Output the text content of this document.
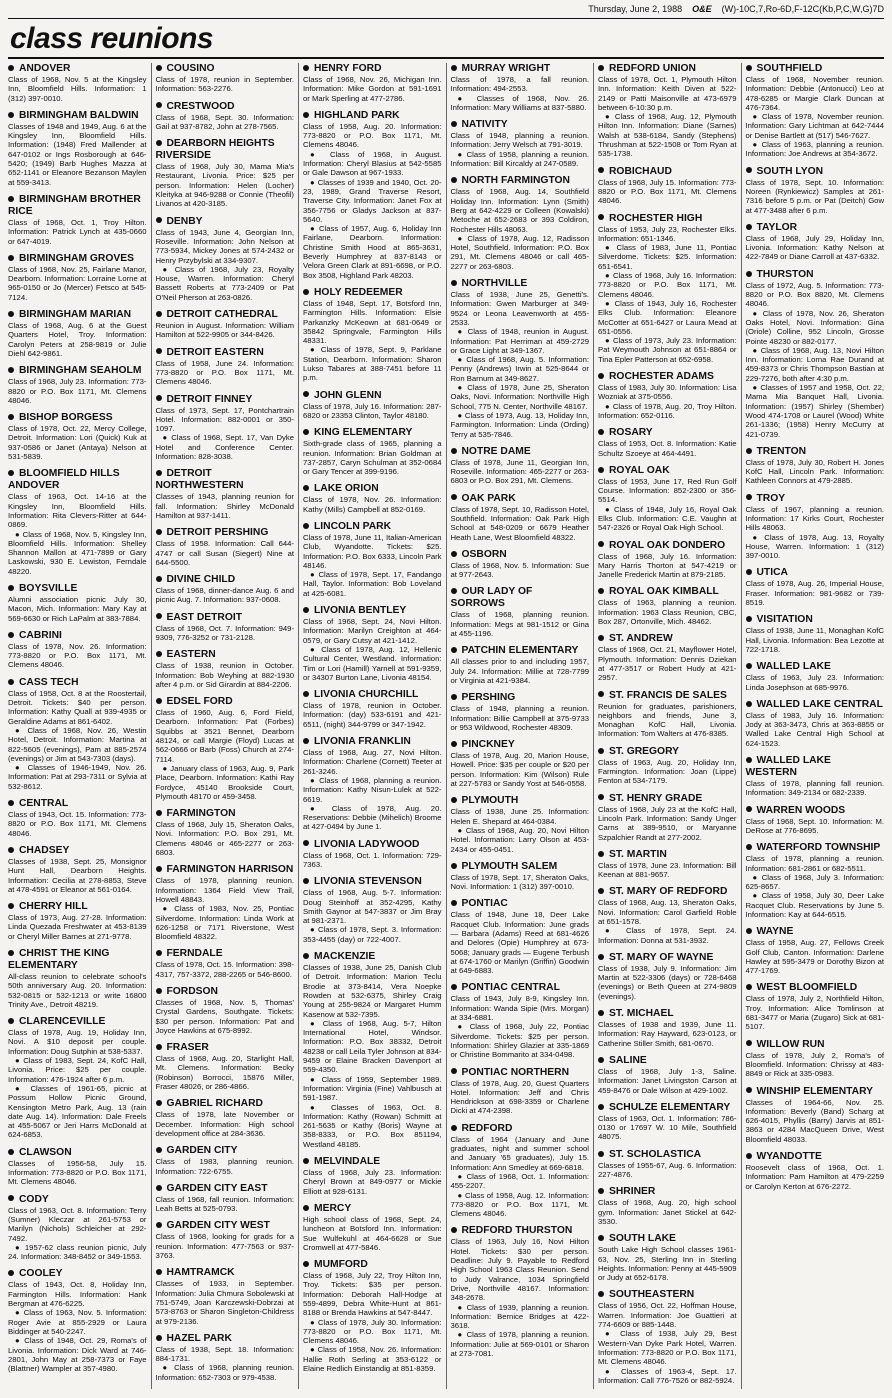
Thursday, June 2, 1988 O&E (W)-10C,7,Ro-6D,F-12C(Kb,P,C,W,G)7D
class reunions
ANDOVER

Class of 1968, Nov. 5 at the Kingsley Inn, Bloomfield Hills. Information: 1 (312) 397-0010.

BIRMINGHAM BALDWIN

Classes of 1948 and 1949, Aug. 6 at the Kingsley Inn, Bloomfield Hills. Information: (1948) Fred Mallender at 647-0102 or Ings Rosborough at 646-5420; (1949) Barb Hughes Mazza at 652-1141 or Eleanore Bezanson Maylen at 559-3413.

BIRMINGHAM BROTHER RICE

Class of 1968, Oct. 1, Troy Hilton. Information: Patrick Lynch at 435-0660 or 647-4019.

BIRMINGHAM GROVES

Class of 1968, Nov. 25, Fairlane Manor, Dearborn. Information: Lorraine Lorne at 965-0150 or Jo (Mercer) Fetsco at 545-7124.

BIRMINGHAM MARIAN

Class of 1968, Aug. 6 at the Guest Quarters Hotel, Troy. Information: Carolyn Peters at 258-9819 or Julie Diehl 642-9861.

BIRMINGHAM SEAHOLM

Class of 1968, July 23. Information: 773-8820 or P.O. Box 1171, Mt. Clemens 48046.

BISHOP BORGESS

Class of 1978, Oct. 22, Mercy College, Detroit. Information: Lori (Quick) Kuk at 937-0586 or Janet (Antaya) Nelson at 531-5839.

BLOOMFIELD HILLS ANDOVER

Class of 1963, Oct. 14-16 at the Kingsley Inn, Bloomfield Hills. Information: Rita Clevers-Ritter at 644-0869.

● Class of 1968, Nov. 5, Kingsley Inn, Bloomfield Hills. Information: Shelley Shannon Mallon at 471-7899 or Gary Laskowski, 930 E. Lewiston, Ferndale 48220.

BOYSVILLE

Alumni association picnic July 30, Macon, Mich. Information: Mary Kay at 569-6630 or Rich LaPalm at 383-7884.

CABRINI

Class of 1978, Nov. 26. Information: 773-8820 or P.O. Box 1171, Mt. Clemens 48046.

CASS TECH

Class of 1958, Oct. 8 at the Roostertail, Detroit. Tickets: $40 per person. Information: Kathy Quall at 939-4935 or Geraldine Adams at 861-6402.

● Class of 1968, Nov. 26, Westin Hotel, Detroit. Information: Martina at 822-5605 (evenings), Pam at 885-2574 (evenings) or Jim at 543-7303 (days).

● Classes of 1946-1949, Nov. 26. Information: Pat at 293-7311 or Sylvia at 532-8612.

CENTRAL

Class of 1943, Oct. 15. Information: 773-8820 or P.O. Box 1171, Mt. Clemens 48046.

CHADSEY

Classes of 1938, Sept. 25, Monsignor Hunt Hall, Dearborn Heights. Information: Cecilia at 278-8853, Steve at 478-4591 or Eleanor at 561-0164.

CHERRY HILL

Class of 1973, Aug. 27-28. Information: Linda Quezada Freshwater at 453-8139 or Cheryl Miller Barnes at 271-9778.

CHRIST THE KING ELEMENTARY

All-class reunion to celebrate school's 50th anniversary Aug. 20. Information: 532-0815 or 532-1213 or write 16800 Trinity Ave., Detroit 48219.

CLARENCEVILLE

Class of 1978, Aug. 19, Holiday Inn, Novi. A $10 deposit per couple. Information: Doug Sutphin at 538-5337.

● Class of 1983, Sept. 24, KofC Hall, Livonia. Price: $25 per couple. Information: 476-1924 after 6 p.m.

● Classes of 1961-65, picnic at Possum Hollow Picnic Ground, Kensington Metro Park, Aug. 13 (rain date Aug. 14). Information: Dale Freels at 455-5067 or Jeri Harrs McDonald at 624-6853.

CLAWSON

Classes of 1956-58, July 15. Information: 773-8820 or P.O. Box 1171, Mt. Clemens 48046.

CODY

Class of 1963, Oct. 8. Information: Terry (Sumner) Kleczar at 261-5753 or Marilyn (Nichols) Schleicher at 292-7492.

● 1957-62 class reunion picnic, July 24. Information: 348-8452 or 349-1553.

COOLEY

Class of 1943, Oct. 8, Holiday Inn, Farmington Hills. Information: Hank Bergman at 476-6225.

● Class of 1963, Nov. 5. Information: Roger Avie at 855-2929 or Laura Biddinger at 540-2247.

● Class of 1948, Oct. 29, Roma's of Livonia. Information: Dick Ward at 746-2801, John May at 258-7373 or Faye (Blattner) Wampler at 357-4980.

COUSINO

Class of 1978, reunion in September. Information: 563-2276.

CRESTWOOD

Class of 1968, Sept. 30. Information: Gail at 937-8782, John at 278-7565.

DEARBORN HEIGHTS RIVERSIDE

Class of 1968, July 30, Mama Mia's Restaurant, Livonia. Price: $25 per person. Information: Helen (Locher) Kleityka at 946-9288 or Connie (Theofil) Livanos at 420-3185.

DENBY

Class of 1943, June 4, Georgian Inn, Roseville. Information: John Nelson at 773-5934, Mickey Jones at 574-2432 or Henry Przybylski at 334-9307.

● Class of 1968, July 23, Royalty House, Warren. Information: Cheryl Bassett Roberts at 773-2409 or Pat O'Neil Pherson at 263-0826.

DETROIT CATHEDRAL

Reunion in August. Information: William Hamilton at 522-9905 or 344-8426.

DETROIT EASTERN

Class of 1958, June 24. Information: 773-8820 or P.O. Box 1171, Mt. Clemens 48046.

DETROIT FINNEY

Class of 1973, Sept. 17, Pontchartrain Hotel. Information: 882-0001 or 350-1097.

● Class of 1968, Sept. 17, Van Dyke Hotel and Conference Center. Information: 828-3038.

DETROIT NORTHWESTERN

Classes of 1943, planning reunion for fall. Information: Shirley McDonald Hamilton at 937-1411.

DETROIT PERSHING

Class of 1958. Information: Call 644-4747 or call Susan (Siegert) Nine at 644-5500.

DIVINE CHILD

Class of 1968, dinner-dance Aug. 6 and picnic Aug. 7. Information: 937-0608.

EAST DETROIT

Class of 1968, Oct. 7. Information: 949-9309, 776-3252 or 731-2128.

EASTERN

Class of 1938, reunion in October. Information: Bob Weyhing at 882-1930 after 4 p.m. or Sid Girardin at 884-2206.

EDSEL FORD

Class of 1960, Aug. 6, Ford Field, Dearborn. Information: Pat (Forbes) Squibbs at 3521 Bennet, Dearborn 48124, or call Margie (Floyd) Lucas at 562-0666 or Barb (Foss) Church at 274-7114.

● January class of 1963, Aug. 9, Park Place, Dearborn. Information: Kathi Ray Fordyce, 45140 Brookside Court, Plymouth 48170 or 459-3458.

FARMINGTON

Class of 1968, July 15, Sheraton Oaks, Novi. Information: P.O. Box 291, Mt. Clemens 48046 or 465-2277 or 263-6803.

FARMINGTON HARRISON

Class of 1978, planning reunion. Information: 1364 Field View Trail, Howell 48843.

● Class of 1983, Nov. 25, Pontiac Silverdome. Information: Linda Work at 626-1258 or 7171 Riverstone, West Bloomfield 48322.

FERNDALE

Class of 1978, Oct. 15. Information: 398-4317, 757-3372, 288-2265 or 546-8600.

FORDSON

Classes of 1968, Nov. 5, Thomas' Crystal Gardens, Southgate. Tickets: $30 per person. Information: Pat and Joyce Hawkins at 675-8992.

FRASER

Class of 1968, Aug. 20, Starlight Hall, Mt. Clemens. Information: Becky (Robinson) Borrocci, 15876 Miller, Fraser 48026, or 286-4866.

GABRIEL RICHARD

Class of 1978, late November or December. Information: High school development office at 284-3636.

GARDEN CITY

Class of 1983, planning reunion. Information: 722-6755.

GARDEN CITY EAST

Class of 1968, fall reunion. Information: Leah Betts at 525-0793.

GARDEN CITY WEST

Class of 1968, looking for grads for a reunion. Information: 477-7563 or 937-3763.

HAMTRAMCK

Classes of 1933, in September. Information: Julia Chmura Sobolewski at 751-5749, Joan Karczewski-Dobrzai at 573-8763 or Sharon Singleton-Childress at 979-2136.

HAZEL PARK

Class of 1938, Sept. 18. Information: 884-1731.

● Class of 1968, planning reunion. Information: 652-7303 or 979-4538.

HENRY FORD

Class of 1968, Nov. 26, Michigan Inn. Information: Mike Gordon at 591-1691 or Mark Sperling at 477-2786.

HIGHLAND PARK

Class of 1958, Aug. 20. Information: 773-8820 or P.O. Box 1171, Mt. Clemens 48046.

● Class of 1968, in August. Information: Cheryl Blasius at 542-5585 or Gale Dawson at 967-1933.

● Classes of 1939 and 1940, Oct. 20-23, 1989, Grand Traverse Resort, Traverse City. Information: Janet Fox at 356-7756 or Gladys Jackson at 837-5640.

● Class of 1957, Aug. 6, Holiday Inn Fairlane, Dearborn. Information: Christine Smith Hood at 865-3631, Beverly Humphrey at 837-8143 or Velora Green Clark at 891-6698, or P.O. Box 3508, Highland Park 48203.

HOLY REDEEMER

Class of 1948, Sept. 17, Botsford Inn, Farmington Hills. Information: Elsie Parkanzky McKeown at 681-0649 or 35842 Springvale, Farmington Hills 48331.

● Class of 1978, Sept. 9, Parklane Station, Dearborn. Information: Sharon Lukso Tabares at 388-7451 before 11 p.m.

JOHN GLENN

Class of 1978, July 16. Information: 287-6820 or 23353 Clinton, Taylor 48180.

KING ELEMENTARY

Sixth-grade class of 1965, planning a reunion. Information: Brian Goldman at 737-2857, Caryn Schulman at 352-0684 or Gary Tencer at 399-9196.

LAKE ORION

Class of 1978, Nov. 26. Information: Kathy (Mills) Campbell at 852-0169.

LINCOLN PARK

Class of 1978, June 11, Italian-American Club, Wyandotte. Tickets: $25. Information: P.O. Box 6333, Lincoln Park 48146.

● Class of 1978, Sept. 17, Fandango Hall, Taylor. Information: Bob Loveland at 425-6081.

LIVONIA BENTLEY

Class of 1968, Sept. 24, Novi Hilton. Information: Marilyn Creighton at 464-0579, or Gary Cutsy at 421-1412.

● Class of 1978, Aug. 12, Hellenic Cultural Center, Westland. Information: Tim or Lori (Hamill) Yarnell at 591-9359, or 34307 Burton Lane, Livonia 48154.

LIVONIA CHURCHILL

Class of 1978, reunion in October. Information: (day) 533-6191 and 421-6511, (night) 344-9799 or 347-1942.

LIVONIA FRANKLIN

Class of 1968, Aug. 27, Novi Hilton. Information: Charlene (Cornett) Teeter at 261-3246.

● Class of 1968, planning a reunion. Information: Kathy Nisun-Lulek at 522-6619.

● Class of 1978, Aug. 20. Reservations: Debbie (Mihelich) Broome at 427-0494 by June 1.

LIVONIA LADYWOOD

Class of 1968, Oct. 1. Information: 729-7363.

LIVONIA STEVENSON

Class of 1968, Aug. 5-7. Information: Doug Steinhoff at 352-4295, Kathy Smith Gaynor at 547-3837 or Jim Bray at 981-2371.

● Class of 1978, Sept. 3. Information: 353-4455 (day) or 722-4007.

MACKENZIE

Classes of 1938, June 25, Danish Club of Detroit. Information: Marion Teclu Brodie at 373-8414, Vera Noepke Rowden at 532-6375, Shirley Craig Young at 255-9824 or Margaret Humm Kasenow at 532-7395.

● Class of 1968, Aug. 5-7, Hilton International Hotel, Windsor. Information: P.O. Box 38332, Detroit 48238 or call Leila Tyler Johnson at 834-9459 or Elaine Bracken Davenport at 559-4350.

● Class of 1959, September 1989. Information: Virginia (Fine) Vahlbusch at 591-1987.

● Classes of 1963, Oct. 8. Information: Kathy (Rowan) Schmitt at 261-5635 or Kathy (Boris) Wayne at 358-8333, or P.O. Box 851194, Westland 48185.

MELVINDALE

Class of 1968, July 23. Information: Cheryl Brown at 849-0977 or Mickie Elliott at 928-6131.

MERCY

High school class of 1968, Sept. 24, luncheon at Botsford Inn. Information: Sue Wulfekuhl at 464-6628 or Sue Cromwell at 477-5846.

MUMFORD

Class of 1968, July 22, Troy Hilton Inn, Troy. Tickets: $35 per person. Information: Deborah Hall-Hodge at 559-4899, Debra White-Hunt at 861-8188 or Brenda Hawkins at 547-8447.

● Class of 1978, July 30. Information: 773-8820 or P.O. Box 1171, Mt. Clemens 48046.

● Class of 1958, Nov. 26. Information: Hallie Roth Serling at 353-6122 or Elaine Redlich Einstandig at 851-8359.

MURRAY WRIGHT

Class of 1978, a fall reunion. Information: 494-2553.

● Classes of 1968, Nov. 26. Information: Mary Williams at 837-5880.

NATIVITY

Class of 1948, planning a reunion. Information: Jerry Welsch at 791-3019.

● Class of 1958, planning a reunion. Information: Bill Kircaldy at 247-0589.

NORTH FARMINGTON

Class of 1968, Aug. 14, Southfield Holiday Inn. Information: Lynn (Smith) Berg at 642-4229 or Colleen (Kowalski) Metoche at 652-2683 or 393 Coldiron, Rochester Hills 48063.

● Class of 1978, Aug. 12, Radisson Hotel, Southfield. Information: P.O. Box 291, Mt. Clemens 48046 or call 465-2277 or 263-6803.

NORTHVILLE

Class of 1938, June 25, Genetti's. Information: Gwen Marburger at 349-9524 or Leona Leavenworth at 455-2533.

● Class of 1948, reunion in August. Information: Pat Herriman at 459-2729 or Grace Light at 349-1367.

● Class of 1968, Aug. 5. Information: Penny (Andrews) Irwin at 525-8644 or Ron Barnum at 349-8627.

● Class of 1978, June 25, Sheraton Oaks, Novi. Information: Northville High School, 775 N. Center, Northville 48167.

● Class of 1973, Aug. 13, Holiday Inn, Farmington. Information: Linda (Ording) Terry at 535-7846.

NOTRE DAME

Class of 1978, June 11, Georgian Inn, Roseville. Information: 465-2277 or 263-6803 or P.O. Box 291, Mt. Clemens.

OAK PARK

Class of 1978, Sept. 10, Radisson Hotel, Southfield. Information: Oak Park High School at 548-0209 or 6679 Heather Heath Lane, West Bloomfield 48322.

OSBORN

Class of 1968, Nov. 5. Information: Sue at 977-2643.

OUR LADY OF SORROWS

Class of 1968, planning reunion. Information: Megs at 981-1512 or Gina at 455-1196.

PATCHIN ELEMENTARY

All classes prior to and including 1957, July 24. Information: Millie at 728-7799 or Virginia at 421-9384.

PERSHING

Class of 1948, planning a reunion. Information: Billie Campbell at 375-9733 or 953 Wildwood, Rochester 48309.

PINCKNEY

Class of 1978, Aug. 20, Marion House, Howell. Price: $35 per couple or $20 per person. Information: Kim (Wilson) Rule at 227-5783 or Sandy Yost at 546-0558.

PLYMOUTH

Class of 1938, June 25. Information: Helen E. Shepard at 464-0384.

● Class of 1968, Aug. 20, Novi Hilton Hotel. Information: Larry Olson at 453-2434 or 455-0451.

PLYMOUTH SALEM

Class of 1978, Sept. 17, Sheraton Oaks, Novi. Information: 1 (312) 397-0010.

PONTIAC

Class of 1948, June 18, Deer Lake Racquet Club. Information: June grads — Barbara (Adams) Reed at 681-4626 and Delores (Opie) Humphrey at 673-5068; January grads — Eugene Terbush at 674-1760 or Marilyn (Griffin) Goodwin at 649-6883.

PONTIAC CENTRAL

Class of 1943, July 8-9, Kingsley Inn. Information: Wanda Sipie (Mrs. Morgan) at 334-6881.

● Class of 1968, July 22, Pontiac Silverdome. Tickets: $25 per person. Information: Shirley Glazier at 335-1869 or Christine Bommarito at 334-0498.

PONTIAC NORTHERN

Class of 1978, Aug. 20, Guest Quarters Hotel. Information: Jeff and Chris Hendrickson at 698-3359 or Charlene Dicki at 474-2398.

REDFORD

Class of 1964 (January and June graduates, night and summer school and January '65 graduates), July 15. Information: Ann Smedley at 669-6818.

● Class of 1968, Oct. 1. Information: 455-2207.

● Class of 1958, Aug. 12. Information: 773-8820 or P.O. Box 1171, Mt. Clemens 48046.

REDFORD THURSTON

Class of 1963, July 16, Novi Hilton Hotel. Tickets: $30 per person. Deadline: July 9. Payable to Redford High School 1963 Class Reunion. Send to Judy Valrance, 1034 Springfield Drive, Northville 48167. Information: 348-2678.

● Class of 1939, planning a reunion. Information: Bernice Bridges at 422-3618.

● Class of 1978, planning a reunion. Information: Julie at 569-0101 or Sharon at 273-7081.

REDFORD UNION

Class of 1978, Oct. 1, Plymouth Hilton Inn. Information: Keith Diven at 522-2149 or Patti Maisonville at 473-6979 between 6-10:30 p.m.

● Class of 1968, Aug. 12, Plymouth Hilton Inn. Information: Diane (Sarnes) Walsh at 538-6184, Sandy (Stephens) Thrushman at 522-1508 or Tom Ryan at 535-1738.

ROBICHAUD

Class of 1968, July 15. Information: 773-8820 or P.O. Box 1171, Mt. Clemens 48046.

ROCHESTER HIGH

Class of 1953, July 23, Rochester Elks. Information: 651-1346.

● Class of 1983, June 11, Pontiac Silverdome. Tickets: $25. Information: 651-6541.

● Class of 1968, July 16. Information: 773-8820 or P.O. Box 1171, Mt. Clemens 48046.

● Class of 1943, July 16, Rochester Elks Club. Information: Eleanore McCotter at 651-6427 or Laura Mead at 651-0556.

● Class of 1973, July 23. Information: Pat Weymouth Johnson at 651-8864 or Tina Epler Patterson at 652-6958.

ROCHESTER ADAMS

Class of 1983, July 30. Information: Lisa Wozniak at 375-0556.

● Class of 1978, Aug. 20, Troy Hilton. Information: 652-0116.

ROSARY

Class of 1953, Oct. 8. Information: Katie Schultz Szoeye at 464-4491.

ROYAL OAK

Class of 1953, June 17, Red Run Golf Course. Information: 852-2300 or 356-5514.

● Class of 1948, July 16, Royal Oak Elks Club. Information: C.E. Vaughn at 547-2326 or Royal Oak High School.

ROYAL OAK DONDERO

Class of 1968, July 16. Information: Mary Harris Thorton at 547-4219 or Janelle Frederick Martin at 879-2185.

ROYAL OAK KIMBALL

Class of 1963, planning a reunion. Information: 1963 Class Reunion, CBC, Box 287, Ortonville, Mich. 48462.

ST. ANDREW

Class of 1968, Oct. 21, Mayflower Hotel, Plymouth. Information: Dennis Dziekan at 477-3517 or Robert Hudy at 421-2957.

ST. FRANCIS DE SALES

Reunion for graduates, parishioners, neighbors and friends, June 3, Monaghan KofC Hall, Livonia. Information: Tom Walters at 476-8385.

ST. GREGORY

Class of 1963, Aug. 20, Holiday Inn, Farmington. Information: Joan (Lippe) Fenton at 534-7179.

ST. HENRY GRADE

Class of 1968, July 23 at the KofC Hall, Lincoln Park. Information: Sandy Unger Carns at 389-9510, or Maryanne Szpalchier Randt at 277-2002.

ST. MARTIN

Class of 1978, June 23. Information: Bill Keenan at 881-9657.

ST. MARY OF REDFORD

Class of 1968, Aug. 13, Sheraton Oaks, Novi. Information: Carol Garfield Roble at 651-1578.

● Class of 1978, Sept. 24. Information: Donna at 531-3932.

ST. MARY OF WAYNE

Class of 1938, July 9. Information: Jim Martin at 522-3306 (days) or 728-6468 (evenings) or Beth Queen at 274-9809 (evenings).

ST. MICHAEL

Classes of 1938 and 1939, June 11. Information: Ray Hayward, 623-0123, or Catherine Stiller Smith, 681-0670.

SALINE

Class of 1968, July 1-3, Saline. Information: Janet Livingston Carson at 459-8476 or Dale Wilson at 429-1002.

SCHULZE ELEMENTARY

Class of 1963, Oct. 1. Information: 786-0130 or 17697 W. 10 Mile, Southfield 48075.

ST. SCHOLASTICA

Classes of 1955-67, Aug. 6. Information: 227-4876.

SHRINER

Class of 1968, Aug. 20, high school gym. Information: Janet Stickel at 642-3530.

SOUTH LAKE

South Lake High School classes 1961-63, Nov. 25, Sterling Inn in Sterling Heights. Information: Penny at 445-5909 or Judy at 652-6178.

SOUTHEASTERN

Class of 1956, Oct. 22, Hoffman House, Warren. Information: Joe Guattieri at 774-6609 or 885-1448.

● Class of 1938, July 29, Best Western-Van Dyke Park Hotel, Warren. Information: 773-8820 or P.O. Box 1171, Mt. Clemens 48046.

● Classes of 1963-4, Sept. 17. Information: Call 776-7526 or 882-5924.

SOUTHFIELD

Class of 1968, November reunion. Information: Debbie (Antonucci) Leo at 478-6285 or Margie Clark Duncan at 476-7364.

● Class of 1978, November reunion. Information: Gary Lichtman at 642-7444 or Denise Bartlett at (517) 546-7627.

● Class of 1963, planning a reunion. Information: Joe Andrews at 354-3672.

SOUTH LYON

Class of 1978, Sept. 10. Information: Noreen (Rynkiewicz) Samples at 261-7316 before 5 p.m. or Pat (Deitch) Gow at 477-3488 after 6 p.m.

TAYLOR

Class of 1968, July 29, Holiday Inn, Livonia. Information: Kathy Nelson at 422-7849 or Diane Carroll at 437-6332.

THURSTON

Class of 1972, Aug. 5. Information: 773-8820 or P.O. Box 8820, Mt. Clemens 48046.

● Class of 1978, Nov. 26, Sheraton Oaks Hotel, Novi. Information: Gina (Oriole) Colline, 952 Lincoln, Grosse Pointe 48230 or 882-0177.

● Class of 1968, Aug. 13, Novi Hilton Inn. Information: Lorna Rae Durand at 459-8373 or Chris Thompson Bastian at 229-7276, both after 4:30 p.m.

● Classes of 1957 and 1958, Oct. 22, Mama Mia Banquet Hall, Livonia. Information: (1957) Shirley (Shember) Wood 474-1708 or Laurel (Wood) White 261-1336; (1958) Henry McCurry at 421-0739.

TRENTON

Class of 1978, July 30, Robert H. Jones KofC Hall, Lincoln Park. Information: Kathleen Connors at 479-2885.

TROY

Class of 1967, planning a reunion. Information: 17 Kirks Court, Rochester Hills 48063.

● Class of 1978, Aug. 13, Royalty House, Warren. Information: 1 (312) 397-0010.

UTICA

Class of 1978, Aug. 26, Imperial House, Fraser. Information: 981-9682 or 739-8519.

VISITATION

Class of 1938, June 11, Monaghan KofC Hall, Livonia. Information: Bea Lezotte at 722-1718.

WALLED LAKE

Class of 1963, July 23. Information: Linda Josephson at 685-9976.

WALLED LAKE CENTRAL

Class of 1983, July 16. Information: Jody at 363-3473, Chris at 363-8855 or Walled Lake Central High School at 624-1523.

WALLED LAKE WESTERN

Class of 1978, planning fall reunion. Information: 349-2134 or 682-2339.

WARREN WOODS

Class of 1968, Sept. 10. Information: M. DeRose at 776-8695.

WATERFORD TOWNSHIP

Class of 1978, planning a reunion. Information: 681-2861 or 682-5511.

● Class of 1968, July 3. Information: 625-8657.

● Class of 1958, July 30, Deer Lake Racquet Club. Reservations by June 5. Information: Kay at 644-6515.

WAYNE

Class of 1958, Aug. 27, Fellows Creek Golf Club, Canton. Information: Darlene Hawley at 595-3479 or Dorothy Bizon at 477-1769.

WEST BLOOMFIELD

Class of 1978, July 2, Northfield Hilton, Troy. Information: Alice Tomlinson at 681-3477 or Maria (Zugaro) Sick at 681-5107.

WILLOW RUN

Class of 1978, July 2, Roma's of Bloomfield. Information: Chrissy at 483-8849 or Rick at 335-0983.

WINSHIP ELEMENTARY

Classes of 1964-66, Nov. 25. Information: Beverly (Band) Scharg at 626-4015, Phyllis (Barry) Jarvis at 851-3863 or 4284 MacQueen Drive, West Bloomfield 48033.

WYANDOTTE

Roosevelt class of 1968, Oct. 1. Information: Pam Hamilton at 479-2259 or Carolyn Kerton at 676-2272.
